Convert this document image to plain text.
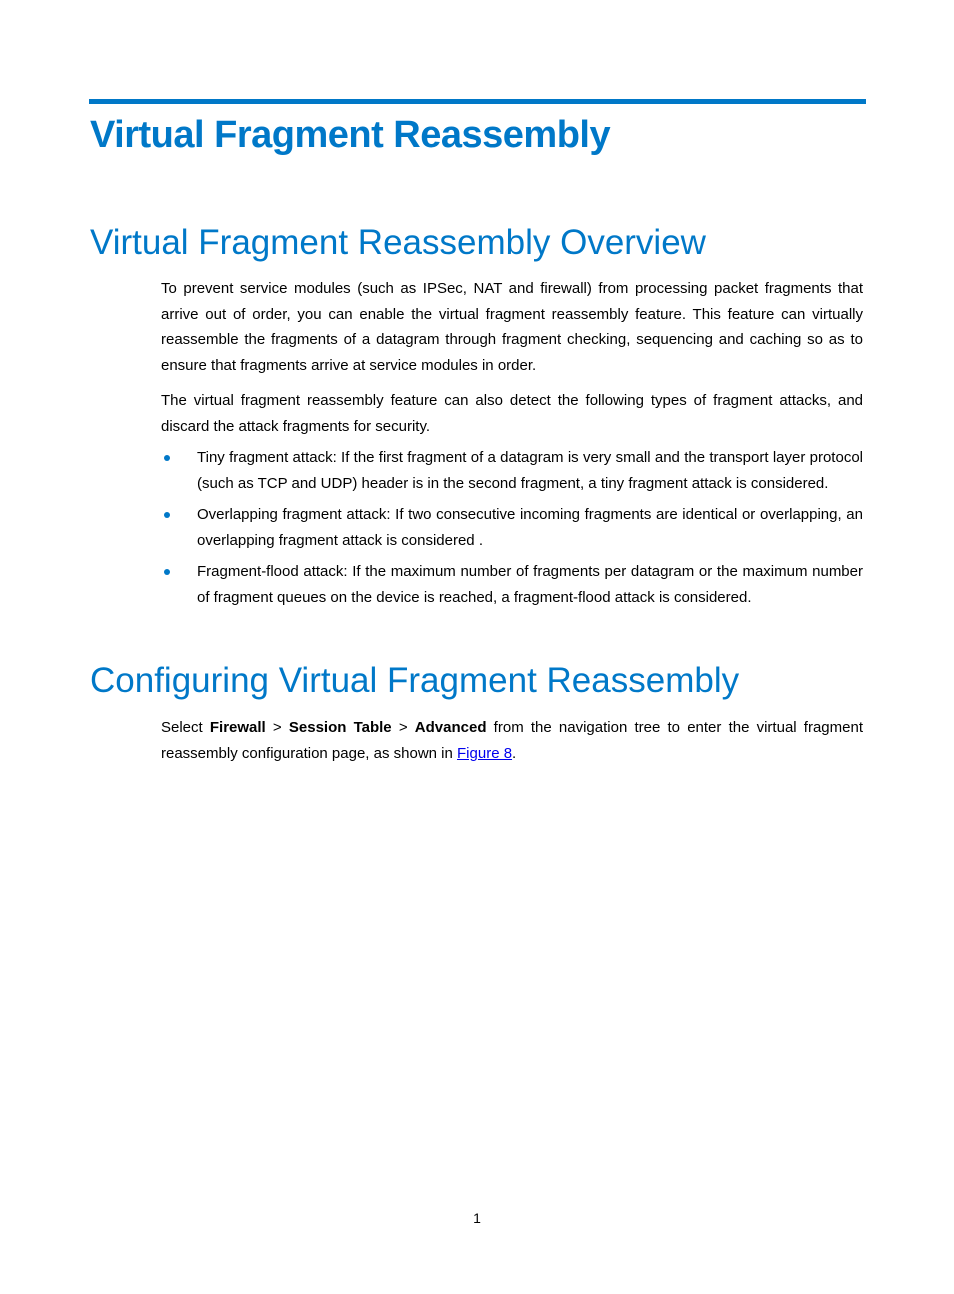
Virtual Fragment Reassembly
Virtual Fragment Reassembly Overview

To prevent service modules (such as IPSec, NAT and firewall) from processing packet fragments that arrive out of order, you can enable the virtual fragment reassembly feature. This feature can virtually reassemble the fragments of a datagram through fragment checking, sequencing and caching so as to ensure that fragments arrive at service modules in order.

The virtual fragment reassembly feature can also detect the following types of fragment attacks, and discard the attack fragments for security.

Tiny fragment attack: If the first fragment of a datagram is very small and the transport layer protocol (such as TCP and UDP) header is in the second fragment, a tiny fragment attack is considered.
Overlapping fragment attack: If two consecutive incoming fragments are identical or overlapping, an overlapping fragment attack is considered .
Fragment-flood attack: If the maximum number of fragments per datagram or the maximum number of fragment queues on the device is reached, a fragment-flood attack is considered.
Configuring Virtual Fragment Reassembly

Select Firewall > Session Table > Advanced from the navigation tree to enter the virtual fragment reassembly configuration page, as shown in Figure 8.

1
